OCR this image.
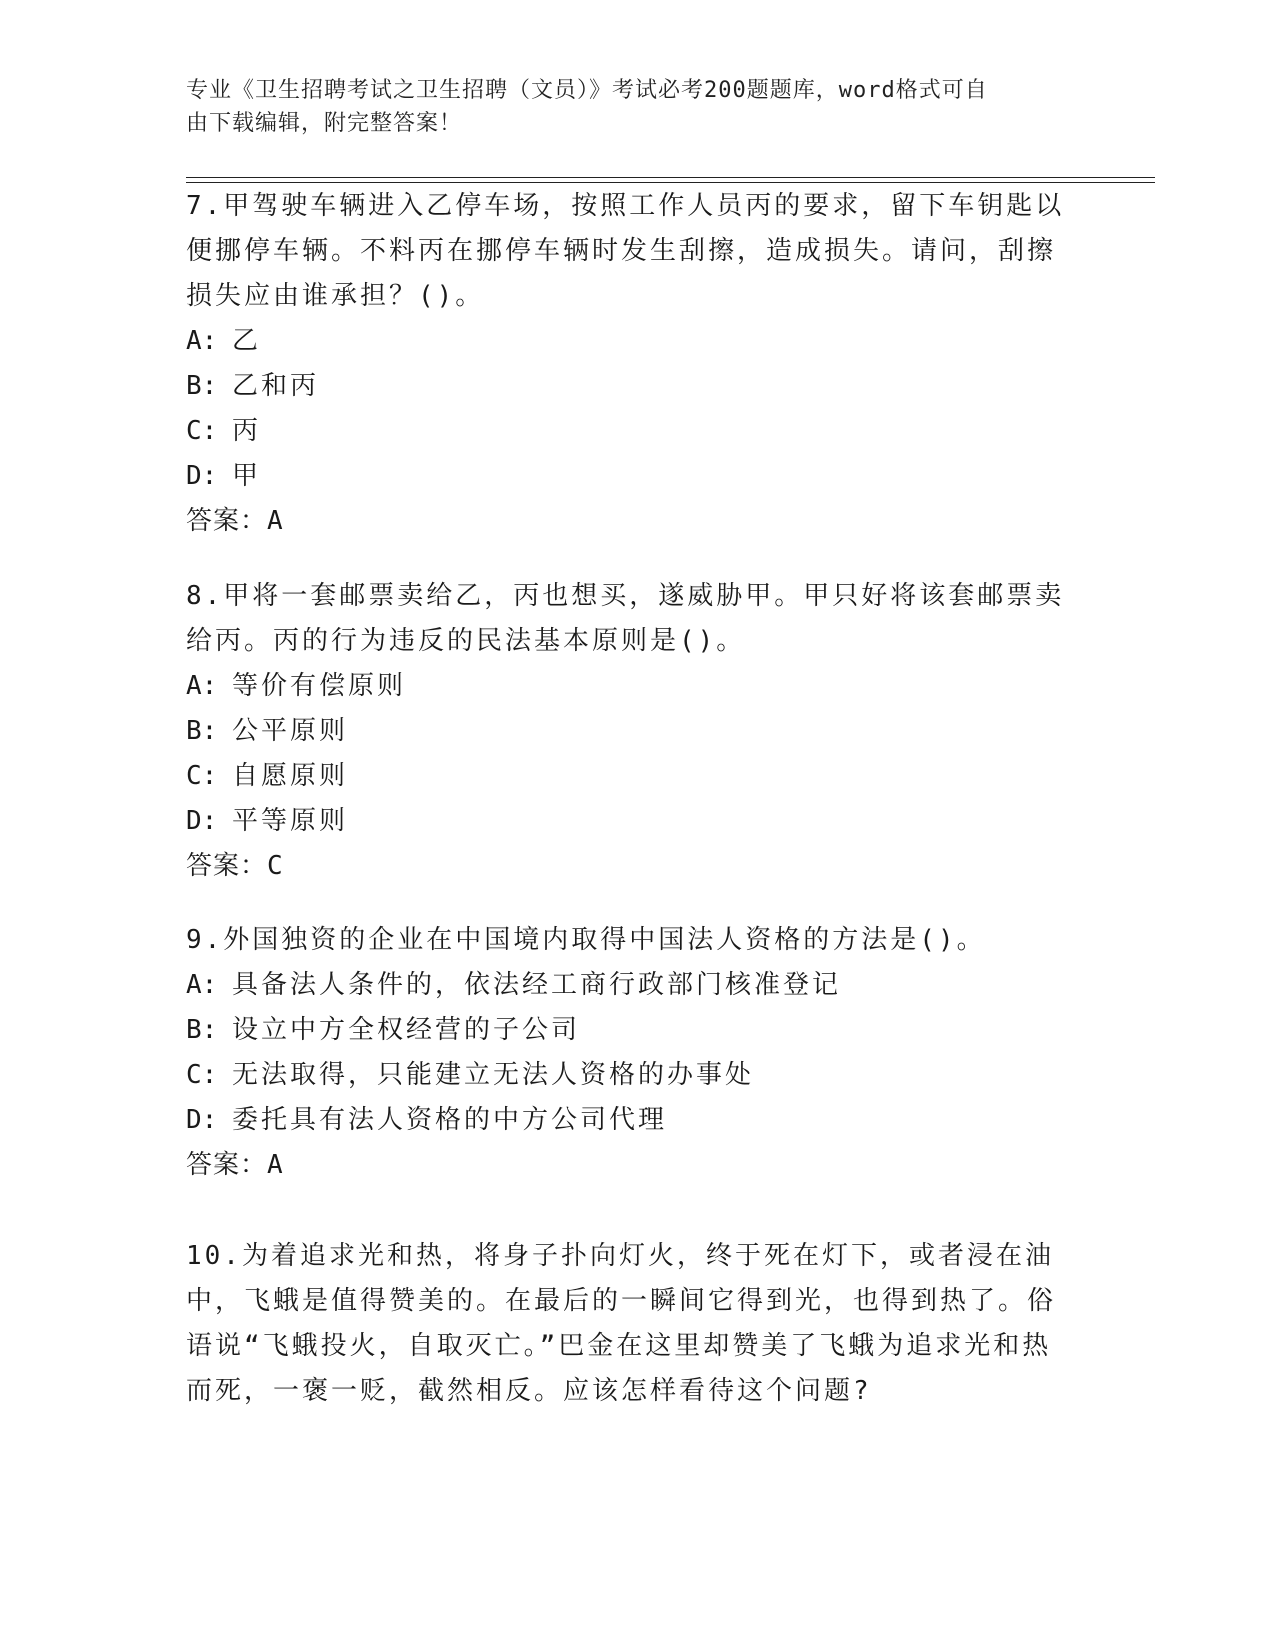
专业《卫生招聘考试之卫生招聘（文员）》考试必考200题题库，word格式可自
由下载编辑，附完整答案！

7.甲驾驶车辆进入乙停车场，按照工作人员丙的要求，留下车钥匙以便挪停车辆。不料丙在挪停车辆时发生刮擦，造成损失。请问，刮擦损失应由谁承担？()。

A: 乙

B: 乙和丙

C: 丙

D: 甲

答案：A

8.甲将一套邮票卖给乙，丙也想买，遂威胁甲。甲只好将该套邮票卖给丙。丙的行为违反的民法基本原则是()。

A: 等价有偿原则

B: 公平原则

C: 自愿原则

D: 平等原则

答案：C

9.外国独资的企业在中国境内取得中国法人资格的方法是()。

A: 具备法人条件的，依法经工商行政部门核准登记

B: 设立中方全权经营的子公司

C: 无法取得，只能建立无法人资格的办事处

D: 委托具有法人资格的中方公司代理

答案：A

10.为着追求光和热，将身子扑向灯火，终于死在灯下，或者浸在油中，飞蛾是值得赞美的。在最后的一瞬间它得到光，也得到热了。俗语说“飞蛾投火，自取灭亡。”巴金在这里却赞美了飞蛾为追求光和热而死，一褒一贬，截然相反。应该怎样看待这个问题?
